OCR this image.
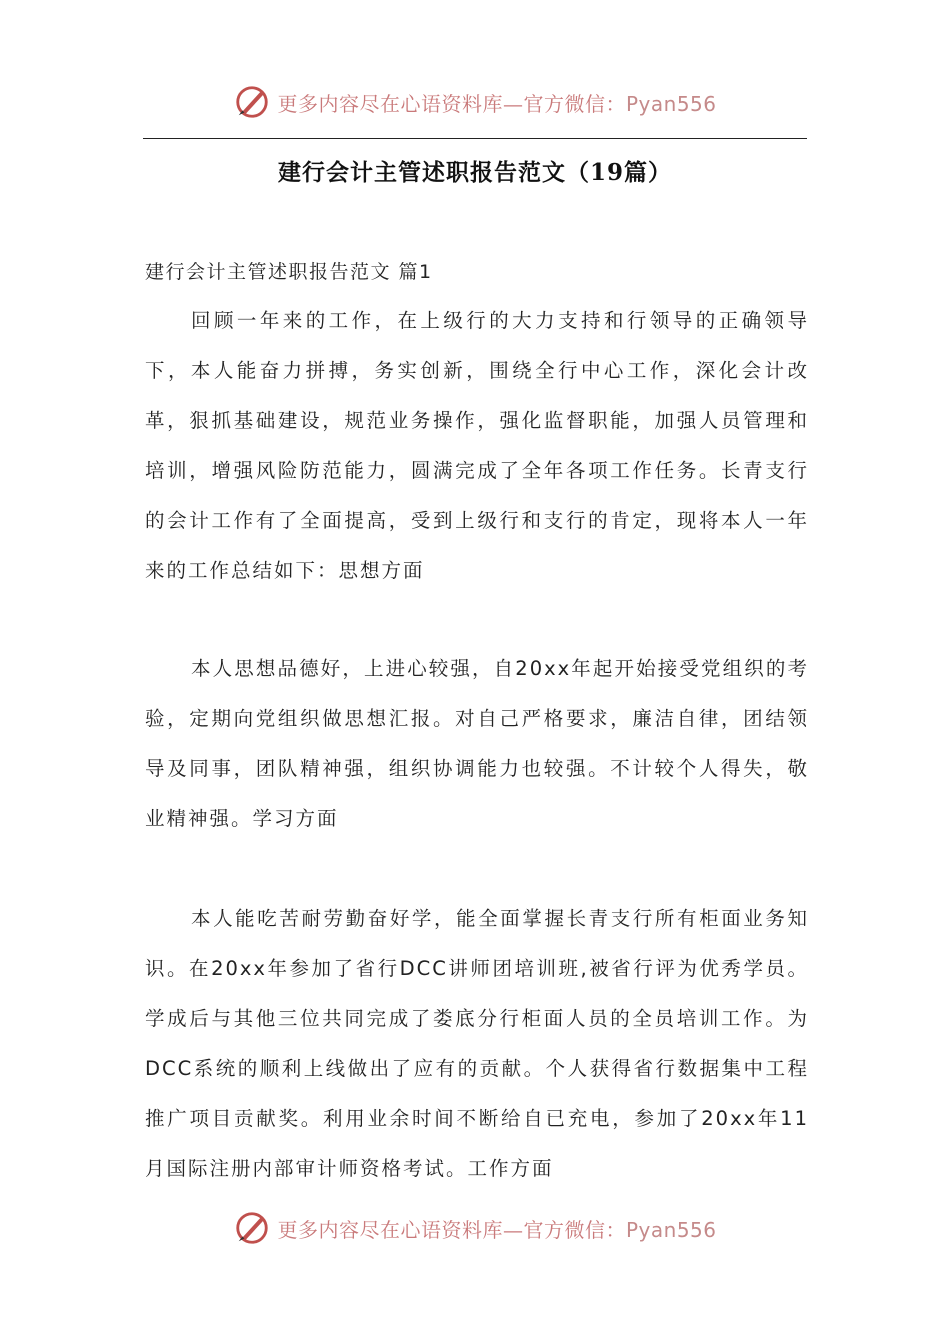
更多内容尽在心语资料库—官方微信：Pyan556
建行会计主管述职报告范文（19篇）
建行会计主管述职报告范文 篇1

回顾一年来的工作，在上级行的大力支持和行领导的正确领导下，本人能奋力拼搏，务实创新，围绕全行中心工作，深化会计改革，狠抓基础建设，规范业务操作，强化监督职能，加强人员管理和培训，增强风险防范能力，圆满完成了全年各项工作任务。长青支行的会计工作有了全面提高，受到上级行和支行的肯定，现将本人一年来的工作总结如下：思想方面

本人思想品德好，上进心较强，自20xx年起开始接受党组织的考验，定期向党组织做思想汇报。对自己严格要求，廉洁自律，团结领导及同事，团队精神强，组织协调能力也较强。不计较个人得失，敬业精神强。学习方面

本人能吃苦耐劳勤奋好学，能全面掌握长青支行所有柜面业务知识。在20xx年参加了省行DCC讲师团培训班,被省行评为优秀学员。学成后与其他三位共同完成了娄底分行柜面人员的全员培训工作。为DCC系统的顺利上线做出了应有的贡献。个人获得省行数据集中工程推广项目贡献奖。利用业余时间不断给自已充电，参加了20xx年11月国际注册内部审计师资格考试。工作方面

更多内容尽在心语资料库—官方微信：Pyan556
